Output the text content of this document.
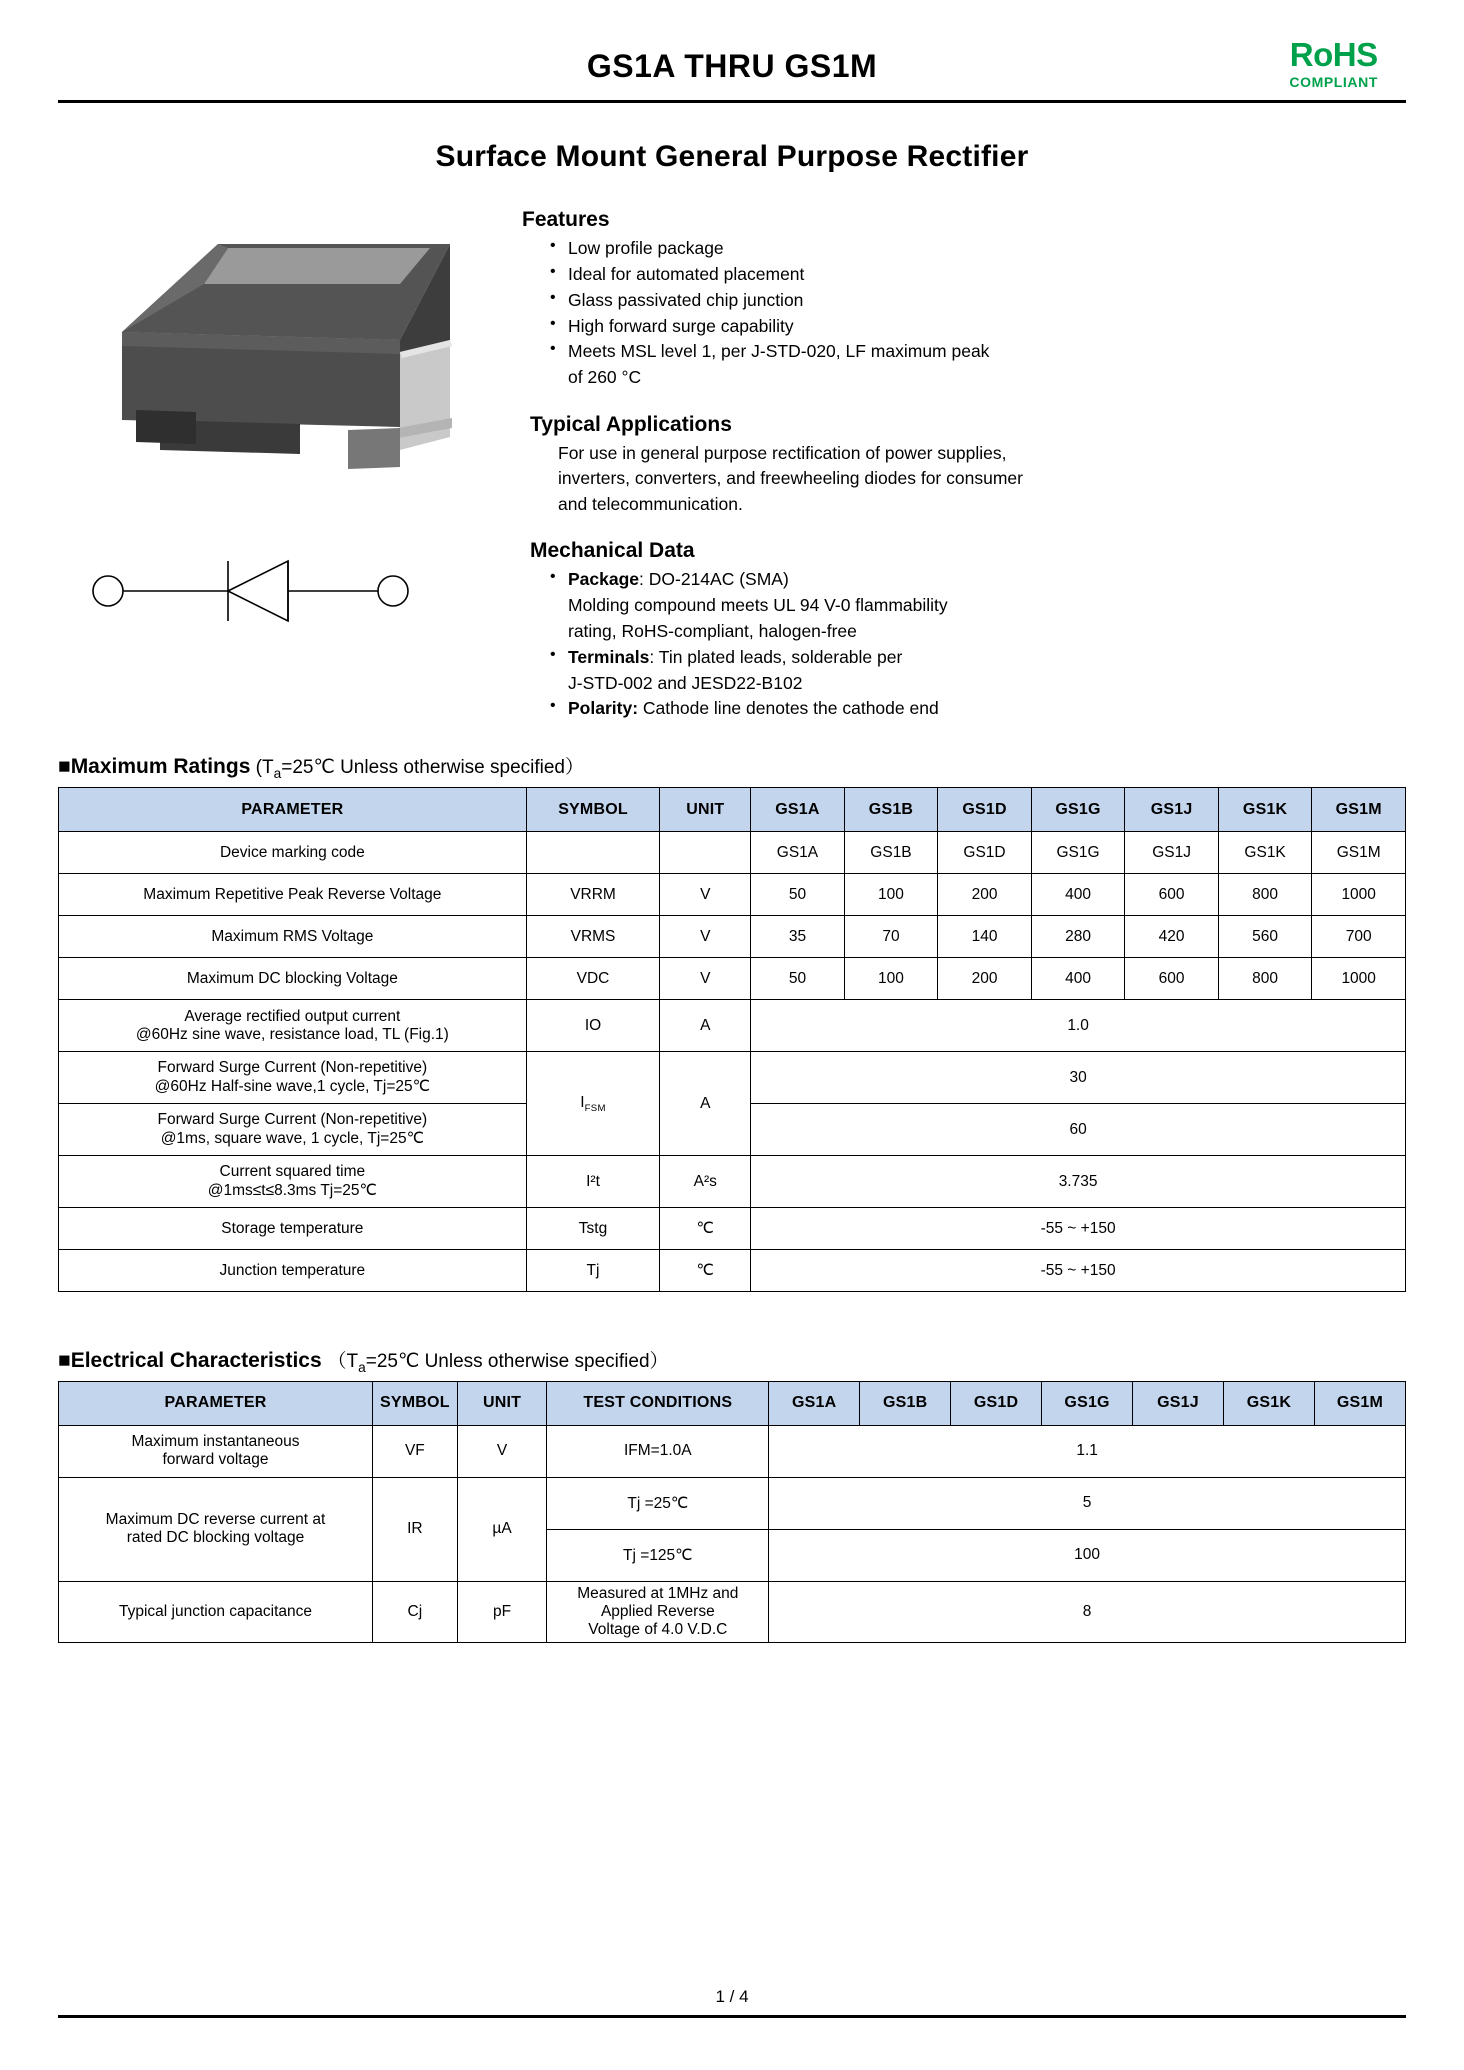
GS1A THRU GS1M	RoHS
COMPLIANT
Surface Mount General Purpose Rectifier
Features
• Low profile package
• Ideal for automated placement
• Glass passivated chip junction
• High forward surge capability
• Meets MSL level 1, per J-STD-020, LF maximum peak
of 260 °C
Typical Applications
For use in general purpose rectification of power supplies,
inverters, converters, and freewheeling diodes for consumer
and telecommunication.
Mechanical Data
• Package: DO-214AC (SMA)
Molding compound meets UL 94 V-0 flammability
rating, RoHS-compliant, halogen-free
• Terminals: Tin plated leads, solderable per
J-STD-002 and JESD22-B102
• Polarity: Cathode line denotes the cathode end
■Maximum Ratings ($T_a=25℃$ Unless otherwise specified）
PARAMETER	SYMBOL	UNIT	GS1A	GS1B	GS1D	GS1G	GS1J	GS1K	GS1M
Device marking code			GS1A	GS1B	GS1D	GS1G	GS1J	GS1K	GS1M
Maximum Repetitive Peak Reverse Voltage	VRRM	V	50	100	200	400	600	800	1000
Maximum RMS Voltage	VRMS	V	35	70	140	280	420	560	700
Maximum DC blocking Voltage	VDC	V	50	100	200	400	600	800	1000

Average rectified output current
@60Hz sine wave, resistance load, TL (Fig.1)	IO	A	1.0						

Forward Surge Current (Non-repetitive)
@60Hz Half-sine wave,1 cycle, Tj=25℃	$I_{FSM}$	A	30						

Forward Surge Current (Non-repetitive)
@1ms, square wave, 1 cycle, Tj=25℃			60						

Current squared time
@1ms≤t≤8.3ms Tj=25℃	I²t	A²s	3.735						
Storage temperature	Tstg	℃	-55 ~ +150						
Junction temperature	Tj	℃	-55 ~ +150						
■Electrical Characteristics （$T_a=25℃$ Unless otherwise specified）
PARAMETER	SYMBOL	UNIT	TEST CONDITIONS	GS1A	GS1B	GS1D	GS1G	GS1J	GS1K	GS1M

Maximum instantaneous
forward voltage	VF	V	IFM=1.0A	1.1						

Maximum DC reverse current at
rated DC blocking voltage	IR	µA	Tj =25℃	5						
			Tj =125℃	100						
Typical junction capacitance	Cj	pF	Measured at 1MHz and
Applied Reverse
Voltage of 4.0 V.D.C	8						
1 / 4
